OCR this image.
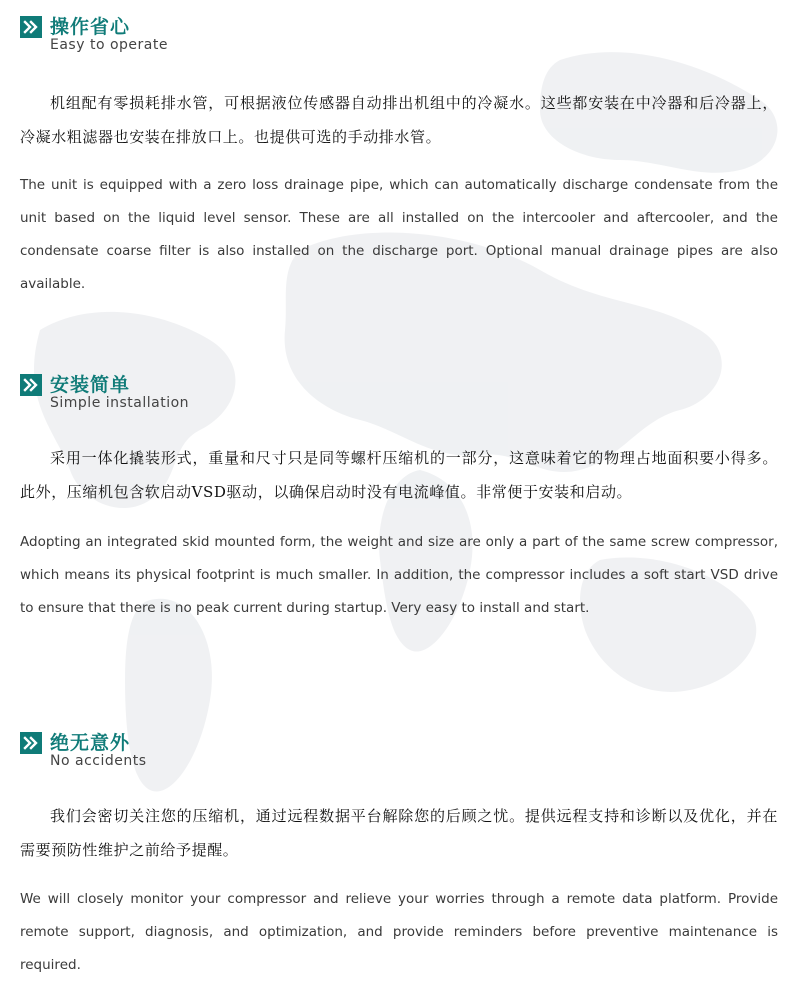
操作省心
Easy to operate

机组配有零损耗排水管，可根据液位传感器自动排出机组中的冷凝水。这些都安装在中冷器和后冷器上，冷凝水粗滤器也安装在排放口上。也提供可选的手动排水管。

The unit is equipped with a zero loss drainage pipe, which can automatically discharge condensate from the unit based on the liquid level sensor. These are all installed on the intercooler and aftercooler, and the condensate coarse filter is also installed on the discharge port. Optional manual drainage pipes are also available.

安装简单
Simple installation

采用一体化撬装形式，重量和尺寸只是同等螺杆压缩机的一部分，这意味着它的物理占地面积要小得多。此外，压缩机包含软启动VSD驱动，以确保启动时没有电流峰值。非常便于安装和启动。

Adopting an integrated skid mounted form, the weight and size are only a part of the same screw compressor, which means its physical footprint is much smaller. In addition, the compressor includes a soft start VSD drive to ensure that there is no peak current during startup. Very easy to install and start.

绝无意外
No accidents

我们会密切关注您的压缩机，通过远程数据平台解除您的后顾之忧。提供远程支持和诊断以及优化，并在需要预防性维护之前给予提醒。

We will closely monitor your compressor and relieve your worries through a remote data platform. Provide remote support, diagnosis, and optimization, and provide reminders before preventive maintenance is required.
